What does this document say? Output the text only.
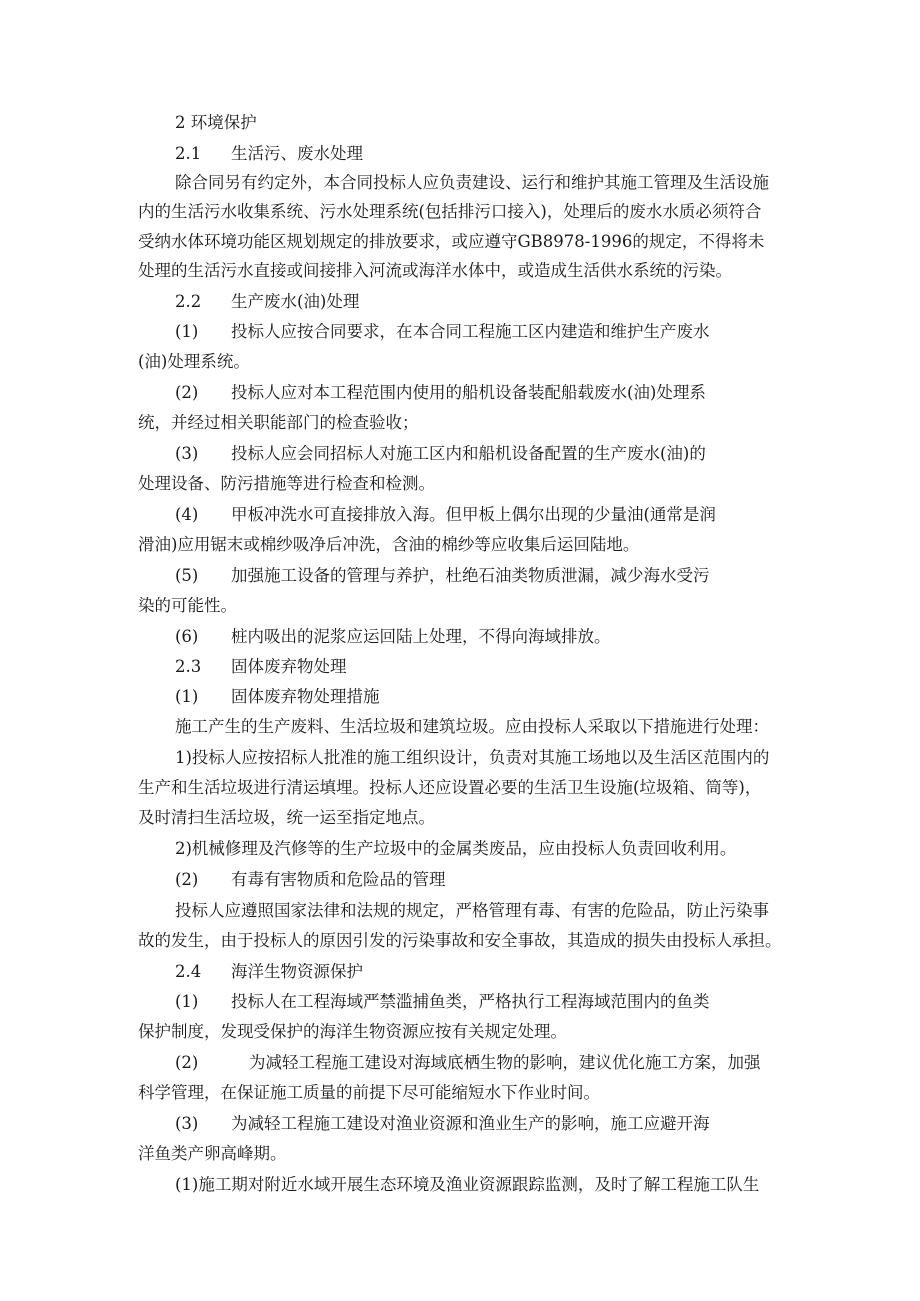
2 环境保护
2.1 生活污、废水处理
除合同另有约定外，本合同投标人应负责建设、运行和维护其施工管理及生活设施
内的生活污水收集系统、污水处理系统(包括排污口接入)，处理后的废水水质必须符合
受纳水体环境功能区规划规定的排放要求，或应遵守GB8978-1996的规定，不得将未
处理的生活污水直接或间接排入河流或海洋水体中，或造成生活供水系统的污染。
2.2 生产废水(油)处理
(1) 投标人应按合同要求，在本合同工程施工区内建造和维护生产废水
(油)处理系统。
(2) 投标人应对本工程范围内使用的船机设备装配船载废水(油)处理系
统，并经过相关职能部门的检查验收；
(3) 投标人应会同招标人对施工区内和船机设备配置的生产废水(油)的
处理设备、防污措施等进行检查和检测。
(4) 甲板冲洗水可直接排放入海。但甲板上偶尔出现的少量油(通常是润
滑油)应用锯末或棉纱吸净后冲洗，含油的棉纱等应收集后运回陆地。
(5) 加强施工设备的管理与养护，杜绝石油类物质泄漏，减少海水受污
染的可能性。
(6) 桩内吸出的泥浆应运回陆上处理，不得向海域排放。
2.3 固体废弃物处理
(1) 固体废弃物处理措施
施工产生的生产废料、生活垃圾和建筑垃圾。应由投标人采取以下措施进行处理：
1)投标人应按招标人批准的施工组织设计，负责对其施工场地以及生活区范围内的
生产和生活垃圾进行清运填埋。投标人还应设置必要的生活卫生设施(垃圾箱、筒等)，
及时清扫生活垃圾，统一运至指定地点。
2)机械修理及汽修等的生产垃圾中的金属类废品，应由投标人负责回收利用。
(2) 有毒有害物质和危险品的管理
投标人应遵照国家法律和法规的规定，严格管理有毒、有害的危险品，防止污染事
故的发生，由于投标人的原因引发的污染事故和安全事故，其造成的损失由投标人承担。
2.4 海洋生物资源保护
(1) 投标人在工程海域严禁滥捕鱼类，严格执行工程海域范围内的鱼类
保护制度，发现受保护的海洋生物资源应按有关规定处理。
(2)	为减轻工程施工建设对海域底栖生物的影响，建议优化施工方案，加强
科学管理，在保证施工质量的前提下尽可能缩短水下作业时间。
(3) 为减轻工程施工建设对渔业资源和渔业生产的影响，施工应避开海
洋鱼类产卵高峰期。
(1)施工期对附近水域开展生态环境及渔业资源跟踪监测，及时了解工程施工队生
